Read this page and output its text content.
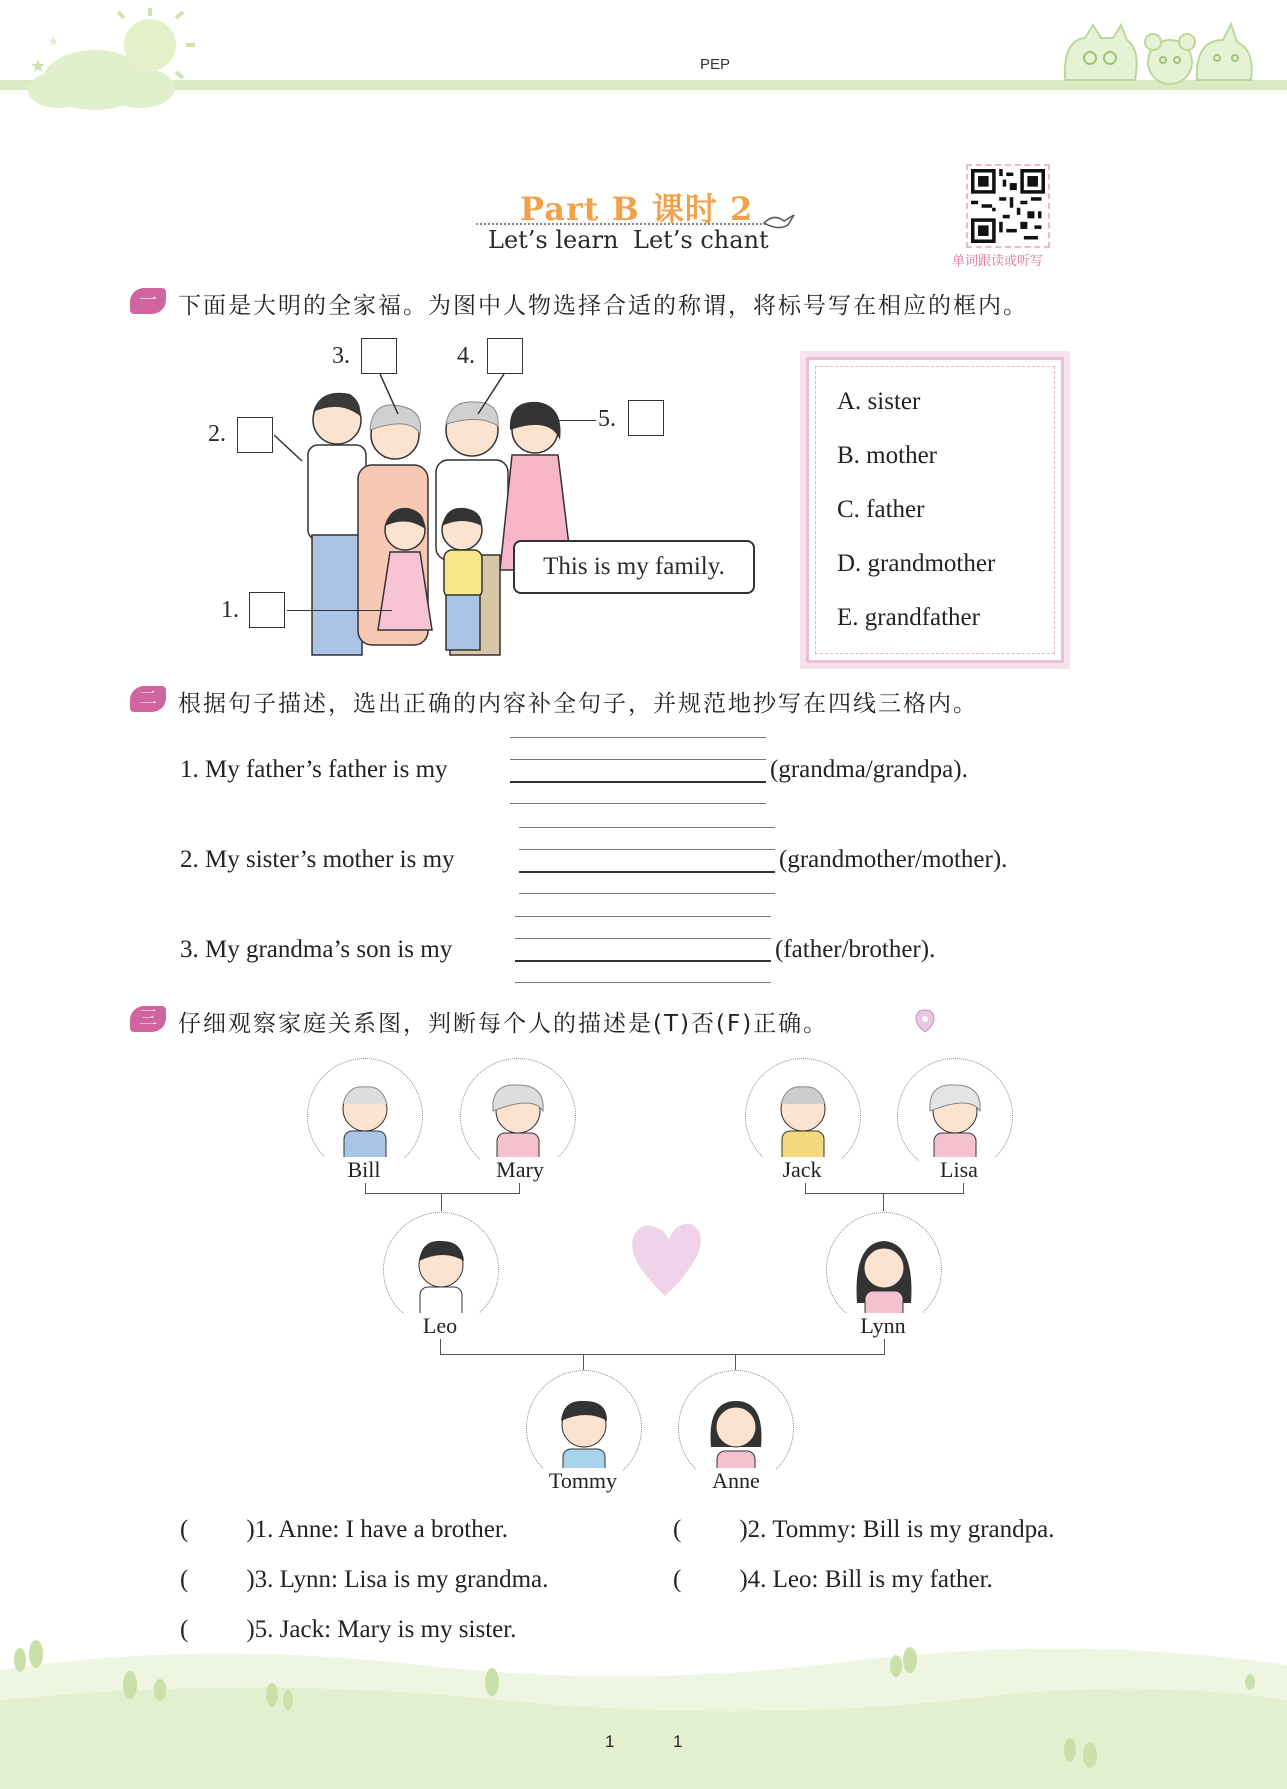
★
★
PEP
Part B 课时 2
Let’s learn Let’s chant
单词跟读或听写
一 下面是大明的全家福。为图中人物选择合适的称谓，将标号写在相应的框内。
This is my family.
1.
2.
3.	4.
5.
A. sister
B. mother
C. father
D. grandmother
E. grandfather
二 根据句子描述，选出正确的内容补全句子，并规范地抄写在四线三格内。
1. My father’s father is my	(grandma/grandpa).
2. My sister’s mother is my	(grandmother/mother).
3. My grandma’s son is my	(father/brother).
三 仔细观察家庭关系图，判断每个人的描述是(T)否(F)正确。
Bill	Mary	Jack	Lisa
Leo	Lynn
Tommy	Anne
( )1. Anne: I have a brother.	( )2. Tommy: Bill is my grandpa.
( )3. Lynn: Lisa is my grandma.	( )4. Leo: Bill is my father.
( )5. Jack: Mary is my sister.
1	1
